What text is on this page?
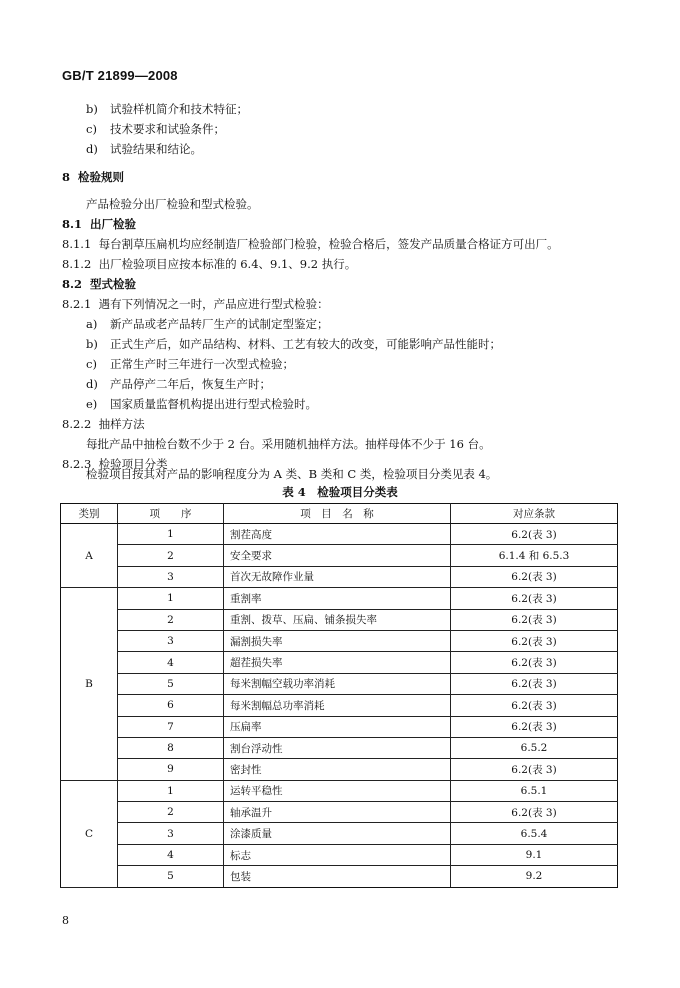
GB/T 21899—2008
b) 试验样机简介和技术特征；
c) 技术要求和试验条件；
d) 试验结果和结论。
8 检验规则
产品检验分出厂检验和型式检验。
8.1 出厂检验
8.1.1 每台割草压扁机均应经制造厂检验部门检验，检验合格后，签发产品质量合格证方可出厂。
8.1.2 出厂检验项目应按本标准的 6.4、9.1、9.2 执行。
8.2 型式检验
8.2.1 遇有下列情况之一时，产品应进行型式检验：
a) 新产品或老产品转厂生产的试制定型鉴定；
b) 正式生产后，如产品结构、材料、工艺有较大的改变，可能影响产品性能时；
c) 正常生产时三年进行一次型式检验；
d) 产品停产二年后，恢复生产时；
e) 国家质量监督机构提出进行型式检验时。
8.2.2 抽样方法
每批产品中抽检台数不少于 2 台。采用随机抽样方法。抽样母体不少于 16 台。
8.2.3 检验项目分类
检验项目按其对产品的影响程度分为 A 类、B 类和 C 类，检验项目分类见表 4。
表 4　检验项目分类表
类别	项　　序	项　目　名　称	对应条款
A	1	割茬高度	6.2(表 3)
	2	安全要求	6.1.4 和 6.5.3
	3	首次无故障作业量	6.2(表 3)
B	1	重割率	6.2(表 3)
	2	重割、拨草、压扁、铺条损失率	6.2(表 3)
	3	漏割损失率	6.2(表 3)
	4	超茬损失率	6.2(表 3)
	5	每米割幅空载功率消耗	6.2(表 3)
	6	每米割幅总功率消耗	6.2(表 3)
	7	压扁率	6.2(表 3)
	8	割台浮动性	6.5.2
	9	密封性	6.2(表 3)
C	1	运转平稳性	6.5.1
	2	轴承温升	6.2(表 3)
	3	涂漆质量	6.5.4
	4	标志	9.1
	5	包装	9.2
8
